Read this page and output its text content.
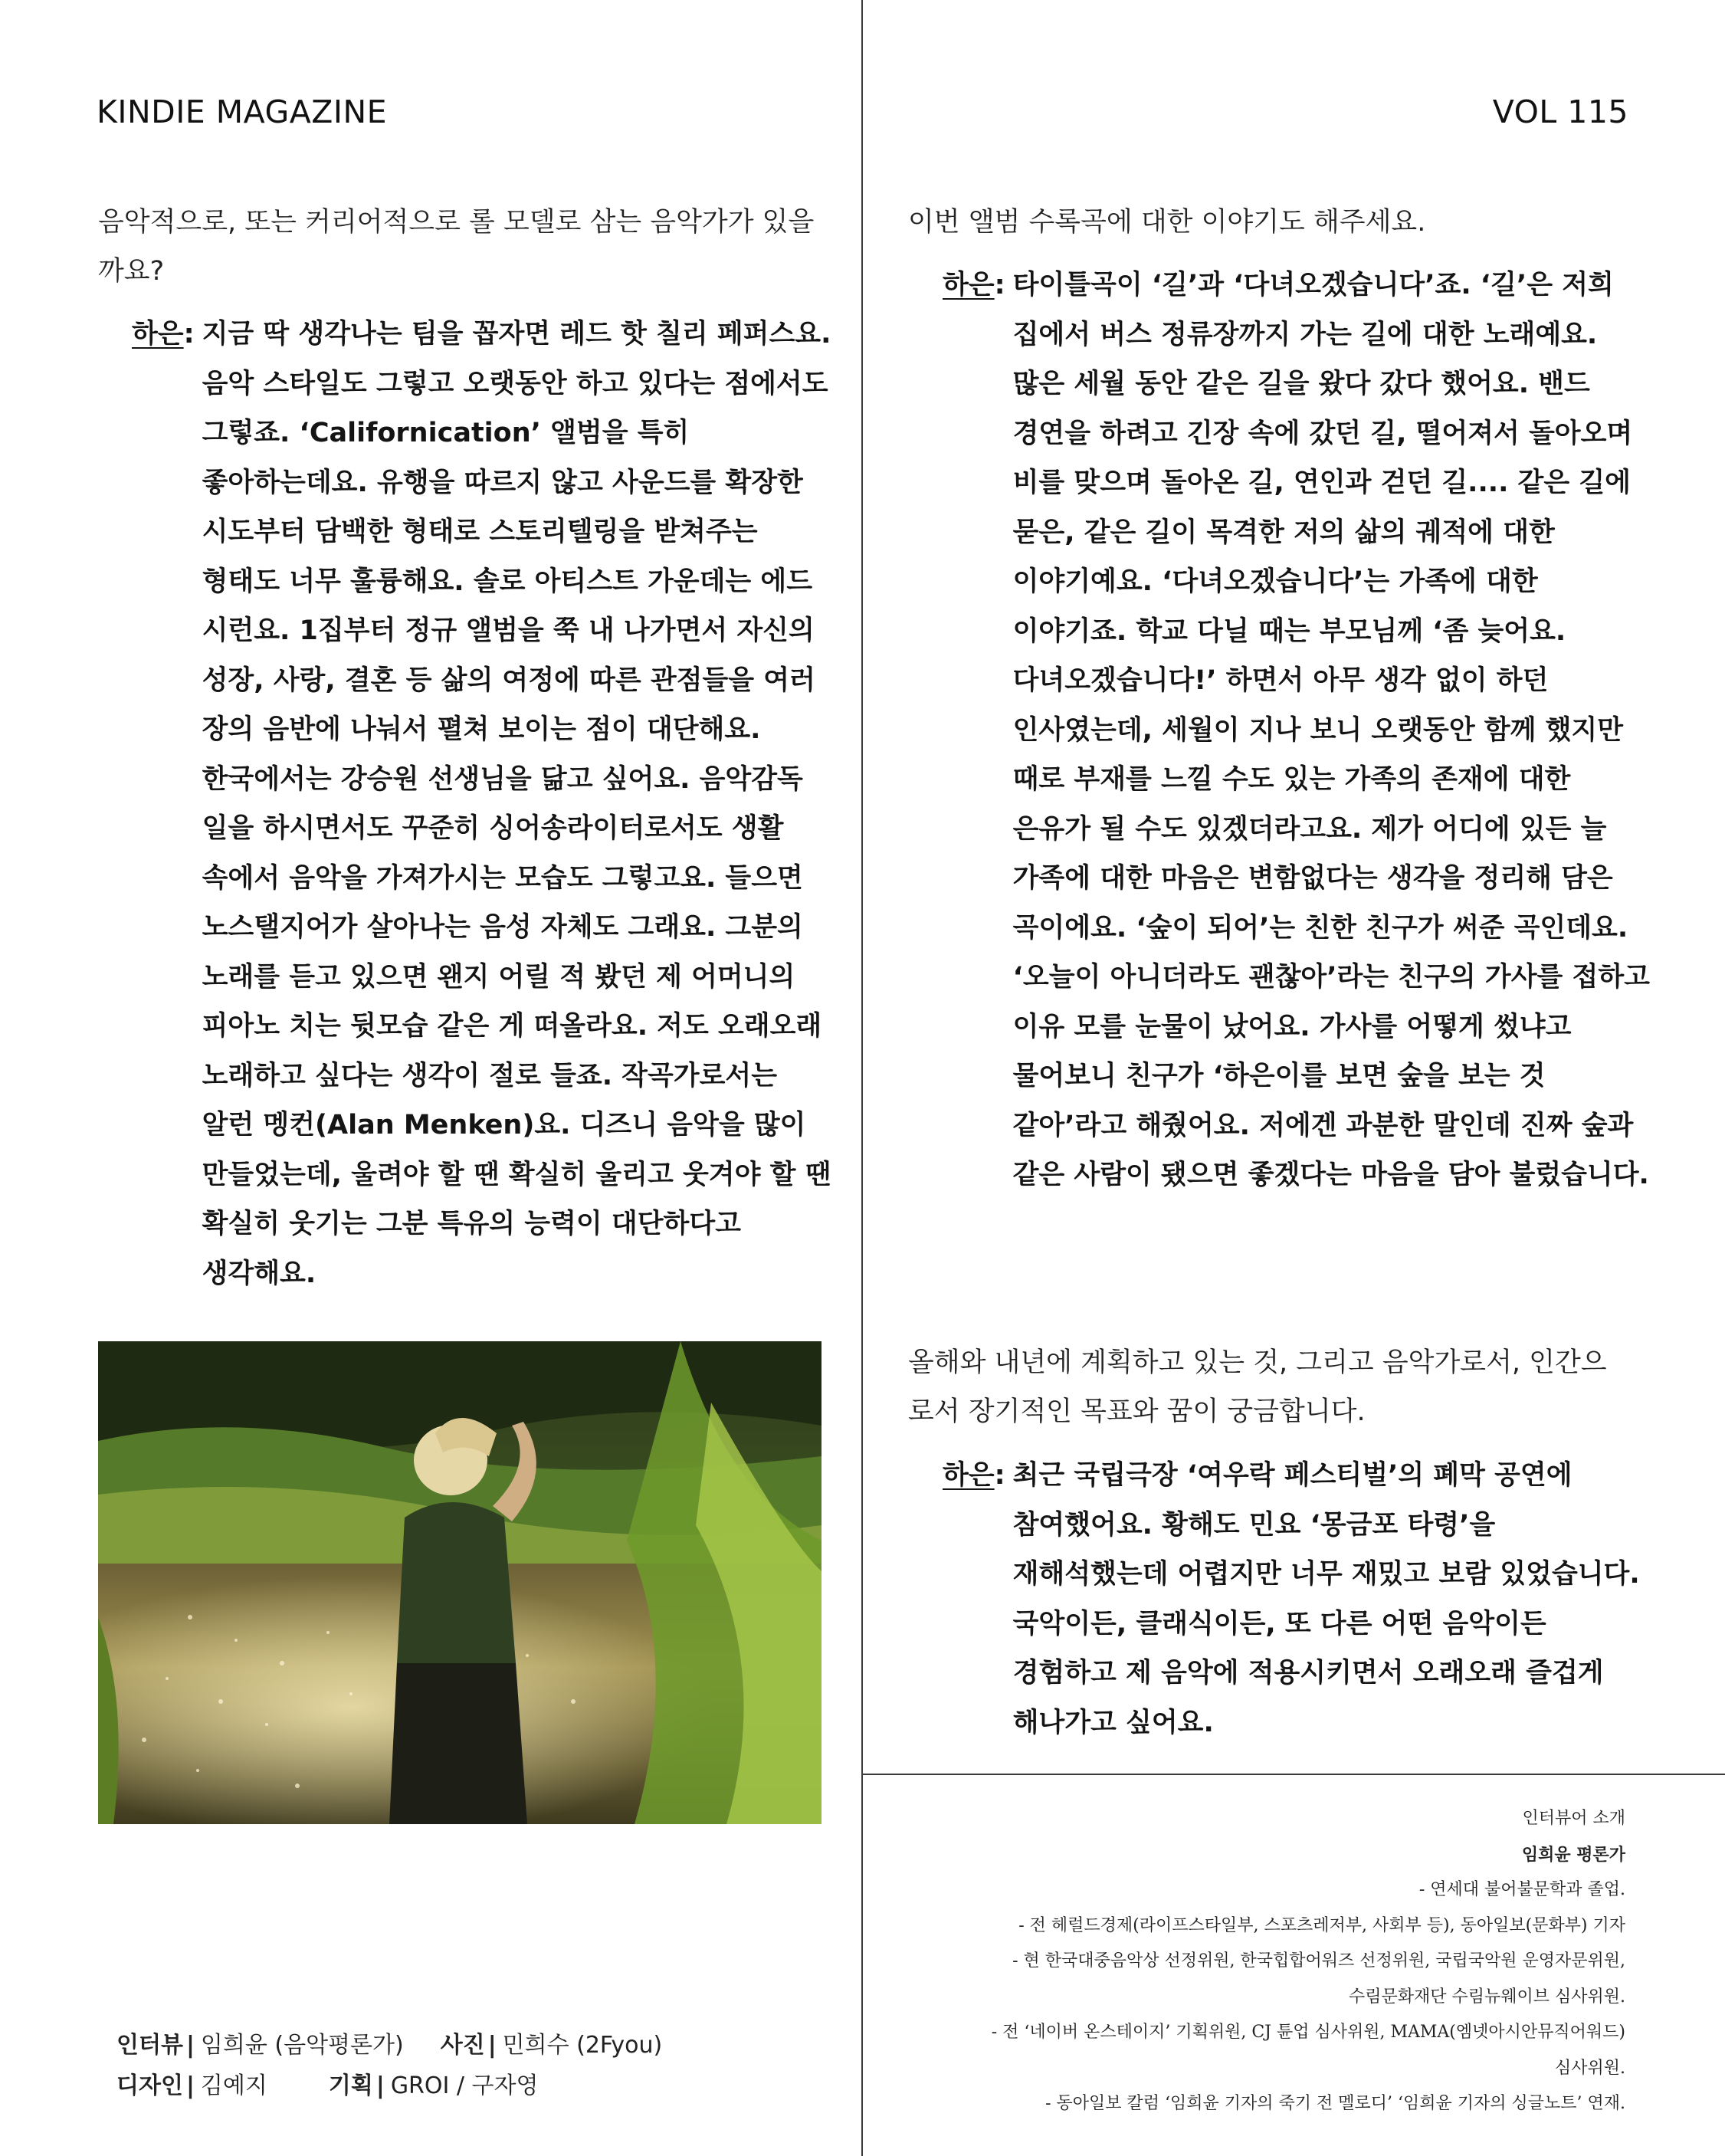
KINDIE MAGAZINE	VOL 115
음악적으로, 또는 커리어적으로 롤 모델로 삼는 음악가가 있을까요?
하은 : 지금 딱 생각나는 팀을 꼽자면 레드 핫 칠리 페퍼스요. 음악 스타일도 그렇고 오랫동안 하고 있다는 점에서도 그렇죠. ‘Californication’ 앨범을 특히 좋아하는데요. 유행을 따르지 않고 사운드를 확장한 시도부터 담백한 형태로 스토리텔링을 받쳐주는 형태도 너무 훌륭해요. 솔로 아티스트 가운데는 에드 시런요. 1집부터 정규 앨범을 쭉 내 나가면서 자신의 성장, 사랑, 결혼 등 삶의 여정에 따른 관점들을 여러 장의 음반에 나눠서 펼쳐 보이는 점이 대단해요. 한국에서는 강승원 선생님을 닮고 싶어요. 음악감독 일을 하시면서도 꾸준히 싱어송라이터로서도 생활 속에서 음악을 가져가시는 모습도 그렇고요. 들으면 노스탤지어가 살아나는 음성 자체도 그래요. 그분의 노래를 듣고 있으면 왠지 어릴 적 봤던 제 어머니의 피아노 치는 뒷모습 같은 게 떠올라요. 저도 오래오래 노래하고 싶다는 생각이 절로 들죠. 작곡가로서는 알런 멩컨(Alan Menken)요. 디즈니 음악을 많이 만들었는데, 울려야 할 땐 확실히 울리고 웃겨야 할 땐 확실히 웃기는 그분 특유의 능력이 대단하다고 생각해요.
인터뷰 | 임희윤 (음악평론가) 사진 | 민희수 (2Fyou)
디자인 | 김예지	기획 | GROI / 구자영
이번 앨범 수록곡에 대한 이야기도 해주세요.
하은 : 타이틀곡이 ‘길’과 ‘다녀오겠습니다’죠. ‘길’은 저희 집에서 버스 정류장까지 가는 길에 대한 노래예요. 많은 세월 동안 같은 길을 왔다 갔다 했어요. 밴드 경연을 하려고 긴장 속에 갔던 길, 떨어져서 돌아오며 비를 맞으며 돌아온 길, 연인과 걷던 길.... 같은 길에 묻은, 같은 길이 목격한 저의 삶의 궤적에 대한 이야기예요. ‘다녀오겠습니다’는 가족에 대한 이야기죠. 학교 다닐 때는 부모님께 ‘좀 늦어요. 다녀오겠습니다!’ 하면서 아무 생각 없이 하던 인사였는데, 세월이 지나 보니 오랫동안 함께 했지만 때로 부재를 느낄 수도 있는 가족의 존재에 대한 은유가 될 수도 있겠더라고요. 제가 어디에 있든 늘 가족에 대한 마음은 변함없다는 생각을 정리해 담은 곡이에요. ‘숲이 되어’는 친한 친구가 써준 곡인데요. ‘오늘이 아니더라도 괜찮아’라는 친구의 가사를 접하고 이유 모를 눈물이 났어요. 가사를 어떻게 썼냐고 물어보니 친구가 ‘하은이를 보면 숲을 보는 것 같아’라고 해줬어요. 저에겐 과분한 말인데 진짜 숲과 같은 사람이 됐으면 좋겠다는 마음을 담아 불렀습니다.
올해와 내년에 계획하고 있는 것, 그리고 음악가로서, 인간으로서 장기적인 목표와 꿈이 궁금합니다.
하은 : 최근 국립극장 ‘여우락 페스티벌’의 폐막 공연에 참여했어요. 황해도 민요 ‘몽금포 타령’을 재해석했는데 어렵지만 너무 재밌고 보람 있었습니다. 국악이든, 클래식이든, 또 다른 어떤 음악이든 경험하고 제 음악에 적용시키면서 오래오래 즐겁게 해나가고 싶어요.
인터뷰어 소개
임희윤 평론가
- 연세대 불어불문학과 졸업.
- 전 헤럴드경제(라이프스타일부, 스포츠레저부, 사회부 등), 동아일보(문화부) 기자
- 현 한국대중음악상 선정위원, 한국힙합어워즈 선정위원, 국립국악원 운영자문위원,
수림문화재단 수림뉴웨이브 심사위원.
- 전 ‘네이버 온스테이지’ 기획위원, CJ 튠업 심사위원, MAMA(엠넷아시안뮤직어워드)
심사위원.
- 동아일보 칼럼 ‘임희윤 기자의 죽기 전 멜로디’ ‘임희윤 기자의 싱글노트’ 연재.
